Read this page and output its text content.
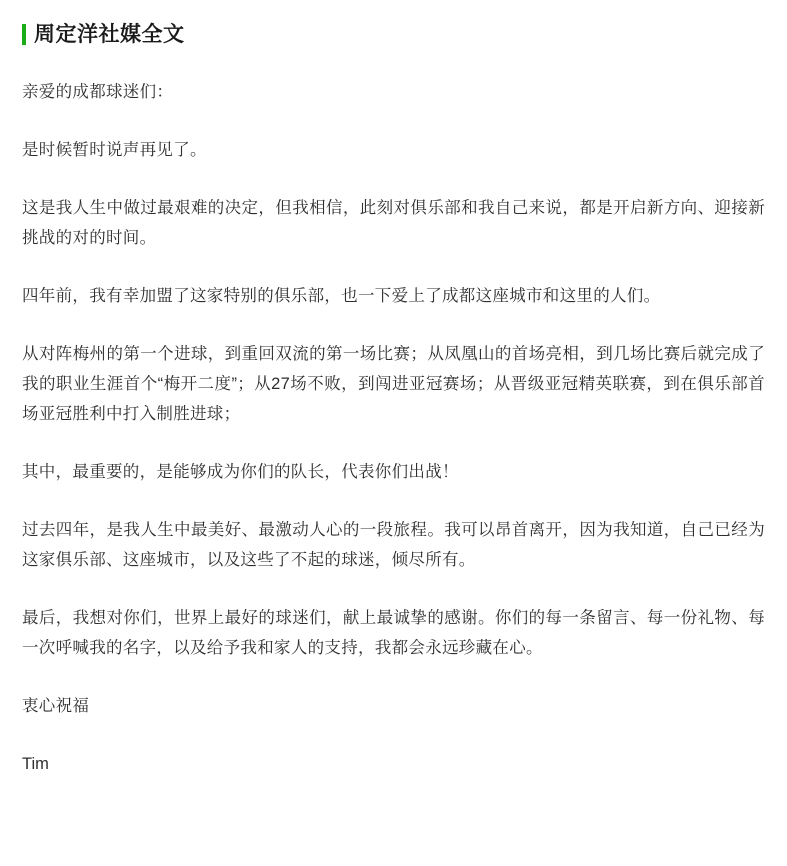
周定洋社媒全文

亲爱的成都球迷们：

是时候暂时说声再见了。

这是我人生中做过最艰难的决定，但我相信，此刻对俱乐部和我自己来说，都是开启新方向、迎接新挑战的对的时间。

四年前，我有幸加盟了这家特别的俱乐部，也一下爱上了成都这座城市和这里的人们。

从对阵梅州的第一个进球，到重回双流的第一场比赛；从凤凰山的首场亮相，到几场比赛后就完成了我的职业生涯首个“梅开二度”；从27场不败，到闯进亚冠赛场；从晋级亚冠精英联赛，到在俱乐部首场亚冠胜利中打入制胜进球；

其中，最重要的，是能够成为你们的队长，代表你们出战！

过去四年，是我人生中最美好、最激动人心的一段旅程。我可以昂首离开，因为我知道，自己已经为这家俱乐部、这座城市，以及这些了不起的球迷，倾尽所有。

最后，我想对你们，世界上最好的球迷们，献上最诚挚的感谢。你们的每一条留言、每一份礼物、每一次呼喊我的名字，以及给予我和家人的支持，我都会永远珍藏在心。

衷心祝福
Tim
